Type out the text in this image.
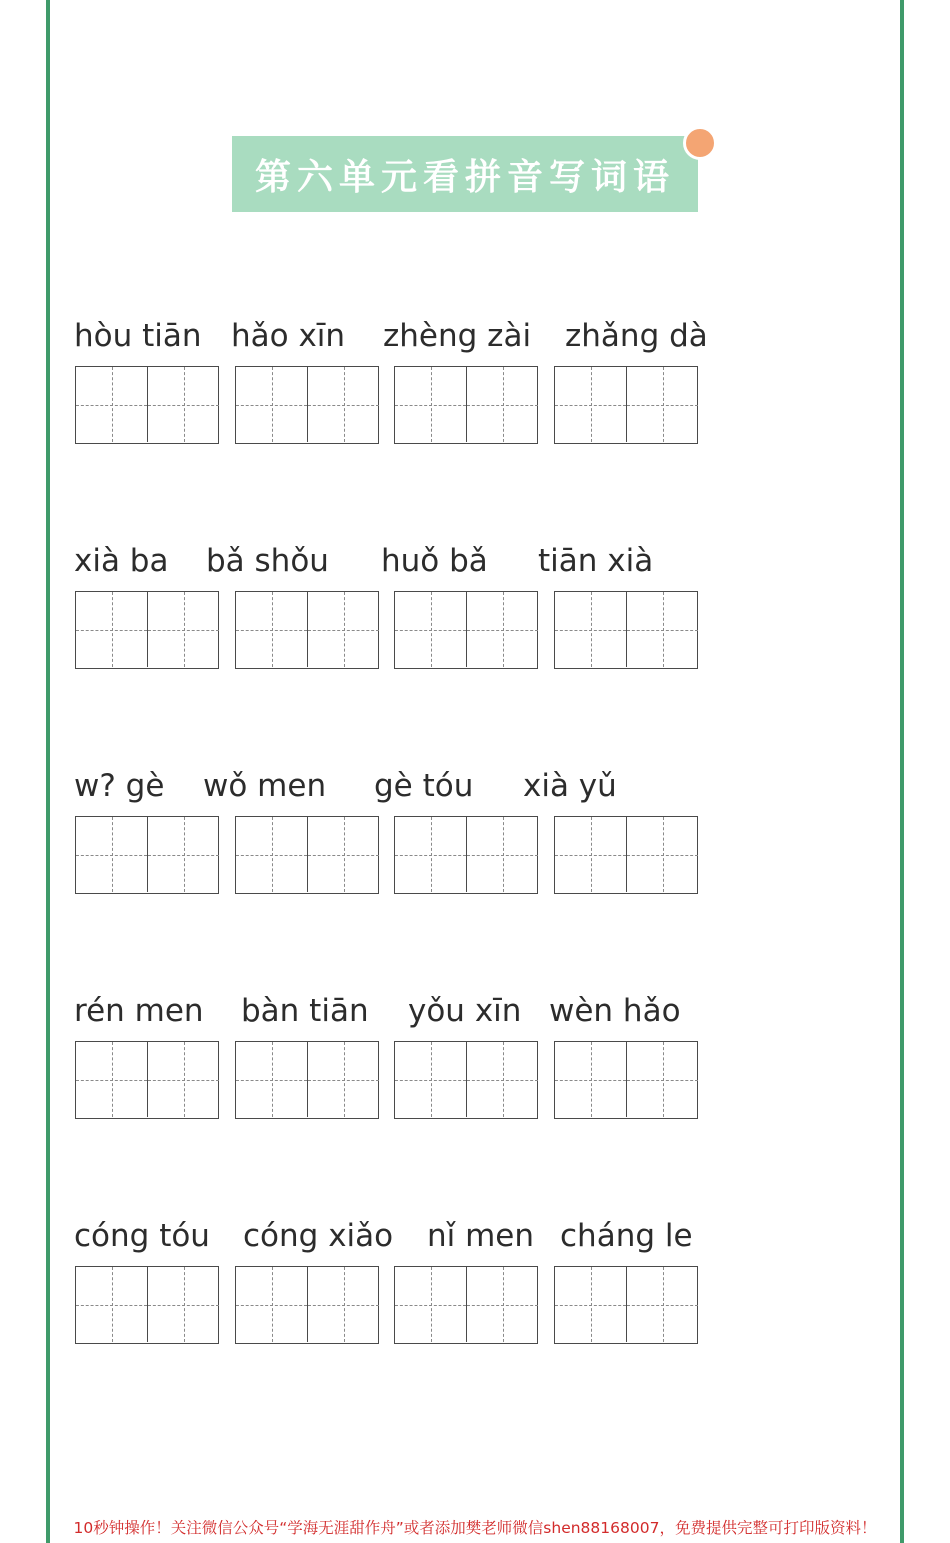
第六单元看拼音写词语
hòu tiān hǎo xīn zhèng zài zhǎng dà
xià ba bǎ shǒu huǒ bǎ tiān xià
w? gè wǒ men gè tóu xià yǔ
rén men bàn tiān yǒu xīn wèn hǎo
cóng tóu cóng xiǎo nǐ men cháng le
10秒钟操作！关注微信公众号“学海无涯甜作舟”或者添加樊老师微信shen88168007，免费提供完整可打印版资料！
